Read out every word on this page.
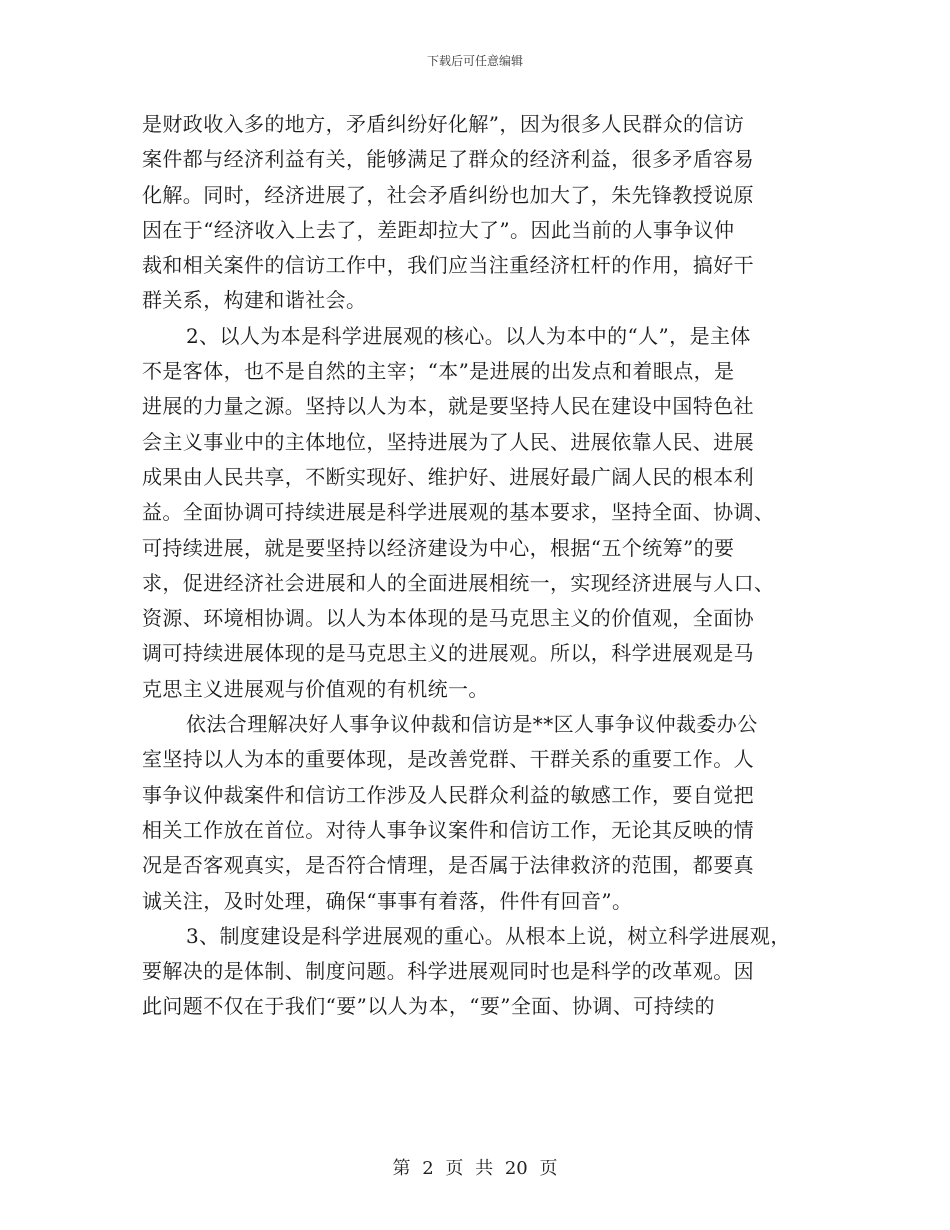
下载后可任意编辑
是财政收入多的地方，矛盾纠纷好化解”，因为很多人民群众的信访
案件都与经济利益有关，能够满足了群众的经济利益，很多矛盾容易
化解。同时，经济进展了，社会矛盾纠纷也加大了，朱先锋教授说原
因在于“经济收入上去了，差距却拉大了”。因此当前的人事争议仲
裁和相关案件的信访工作中，我们应当注重经济杠杆的作用，搞好干
群关系，构建和谐社会。
2、以人为本是科学进展观的核心。以人为本中的“人”，是主体
不是客体，也不是自然的主宰；“本”是进展的出发点和着眼点，是
进展的力量之源。坚持以人为本，就是要坚持人民在建设中国特色社
会主义事业中的主体地位，坚持进展为了人民、进展依靠人民、进展
成果由人民共享，不断实现好、维护好、进展好最广阔人民的根本利
益。全面协调可持续进展是科学进展观的基本要求，坚持全面、协调、
可持续进展，就是要坚持以经济建设为中心，根据“五个统筹”的要
求，促进经济社会进展和人的全面进展相统一，实现经济进展与人口、
资源、环境相协调。以人为本体现的是马克思主义的价值观，全面协
调可持续进展体现的是马克思主义的进展观。所以，科学进展观是马
克思主义进展观与价值观的有机统一。
依法合理解决好人事争议仲裁和信访是**区人事争议仲裁委办公
室坚持以人为本的重要体现，是改善党群、干群关系的重要工作。人
事争议仲裁案件和信访工作涉及人民群众利益的敏感工作，要自觉把
相关工作放在首位。对待人事争议案件和信访工作，无论其反映的情
况是否客观真实，是否符合情理，是否属于法律救济的范围，都要真
诚关注，及时处理，确保“事事有着落，件件有回音”。
3、制度建设是科学进展观的重心。从根本上说，树立科学进展观，
要解决的是体制、制度问题。科学进展观同时也是科学的改革观。因
此问题不仅在于我们“要”以人为本，“要”全面、协调、可持续的
第 2 页 共 20 页
